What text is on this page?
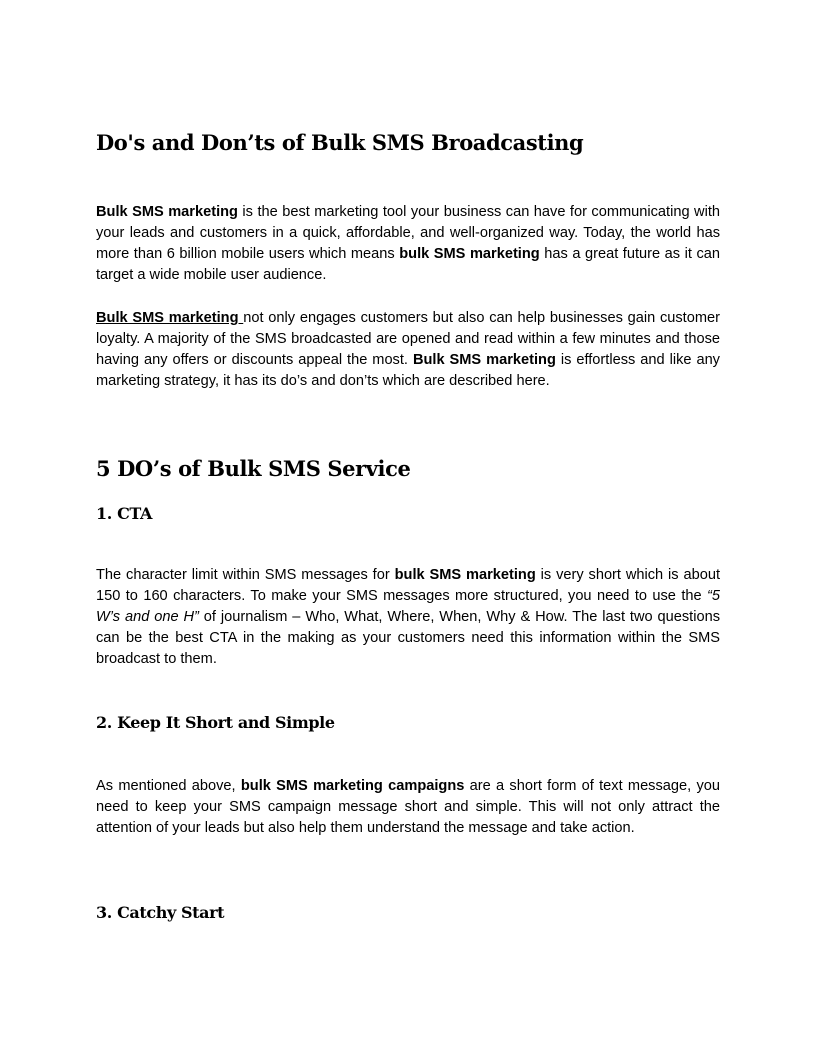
Do's and Don’ts of Bulk SMS Broadcasting

Bulk SMS marketing is the best marketing tool your business can have for communicating with your leads and customers in a quick, affordable, and well-organized way. Today, the world has more than 6 billion mobile users which means bulk SMS marketing has a great future as it can target a wide mobile user audience.

Bulk SMS marketing not only engages customers but also can help businesses gain customer loyalty. A majority of the SMS broadcasted are opened and read within a few minutes and those having any offers or discounts appeal the most. Bulk SMS marketing is effortless and like any marketing strategy, it has its do’s and don’ts which are described here.

5 DO’s of Bulk SMS Service
1. CTA

The character limit within SMS messages for bulk SMS marketing is very short which is about 150 to 160 characters. To make your SMS messages more structured, you need to use the “5 W’s and one H” of journalism – Who, What, Where, When, Why & How. The last two questions can be the best CTA in the making as your customers need this information within the SMS broadcast to them.

2. Keep It Short and Simple

As mentioned above, bulk SMS marketing campaigns are a short form of text message, you need to keep your SMS campaign message short and simple. This will not only attract the attention of your leads but also help them understand the message and take action.

3. Catchy Start
